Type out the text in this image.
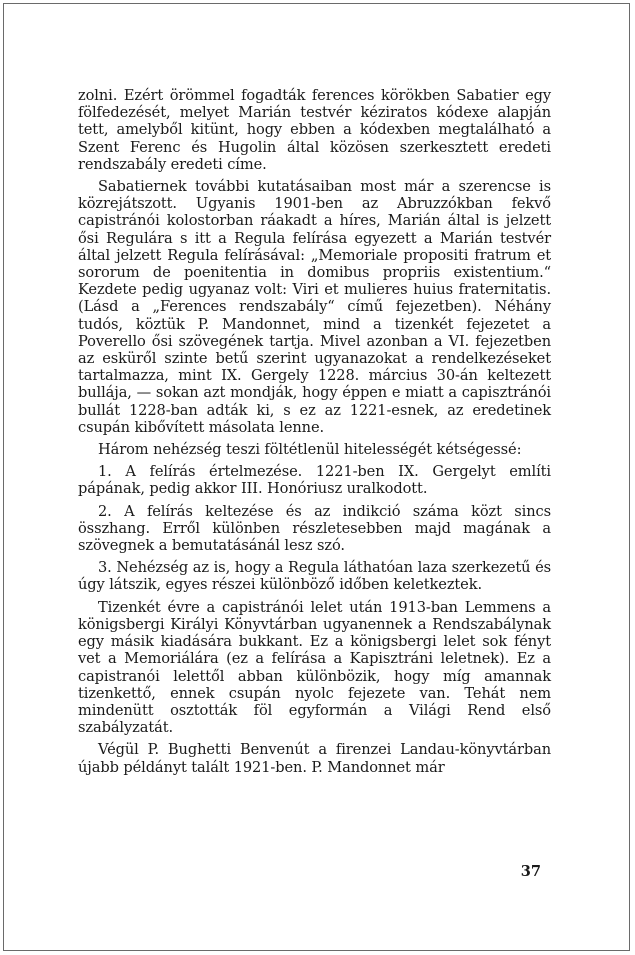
zolni. Ezért örömmel fogadták ferences körökben Sabatier egy fölfedezését, melyet Marián testvér kéziratos kódexe alapján tett, amelyből kitünt, hogy ebben a kódexben megtalálható a Szent Ferenc és Hugolin által közösen szerkesztett eredeti rendszabály eredeti címe.

Sabatiernek további kutatásaiban most már a szerencse is közrejátszott. Ugyanis 1901-ben az Abruzzókban fekvő capistránói kolostorban ráakadt a híres, Marián által is jelzett ősi Regulára s itt a Regula felírása egyezett a Marián testvér által jelzett Regula felírásával: „Memoriale propositi fratrum et sororum de poenitentia in domibus propriis existentium.“ Kezdete pedig ugyanaz volt: Viri et mulieres huius fraternitatis. (Lásd a „Ferences rendszabály“ című fejezetben). Néhány tudós, köztük P. Mandonnet, mind a tizenkét fejezetet a Poverello ősi szövegének tartja. Mivel azonban a VI. fejezetben az esküről szinte betű szerint ugyanazokat a rendelkezéseket tartalmazza, mint IX. Gergely 1228. március 30-án keltezett bullája, — sokan azt mondják, hogy éppen e miatt a capisztránói bullát 1228-ban adták ki, s ez az 1221-esnek, az eredetinek csupán kibővített másolata lenne.

Három nehézség teszi föltétlenül hitelességét kétségessé:

1. A felírás értelmezése. 1221-ben IX. Gergelyt említi pápának, pedig akkor III. Honóriusz uralkodott.

2. A felírás keltezése és az indikció száma közt sincs összhang. Erről különben részletesebben majd magának a szövegnek a bemutatásánál lesz szó.

3. Nehézség az is, hogy a Regula láthatóan laza szerkezetű és úgy látszik, egyes részei különböző időben keletkeztek.

Tizenkét évre a capistránói lelet után 1913-ban Lemmens a königsbergi Királyi Könyvtárban ugyanennek a Rendszabálynak egy másik kiadására bukkant. Ez a königsbergi lelet sok fényt vet a Memoriálára (ez a felírása a Kapisztráni leletnek). Ez a capistranói lelettől abban különbözik, hogy míg amannak tizenkettő, ennek csupán nyolc fejezete van. Tehát nem mindenütt osztották föl egyformán a Világi Rend első szabályzatát.

Végül P. Bughetti Benvenút a firenzei Landau-könyvtárban újabb példányt talált 1921-ben. P. Mandonnet már

37
